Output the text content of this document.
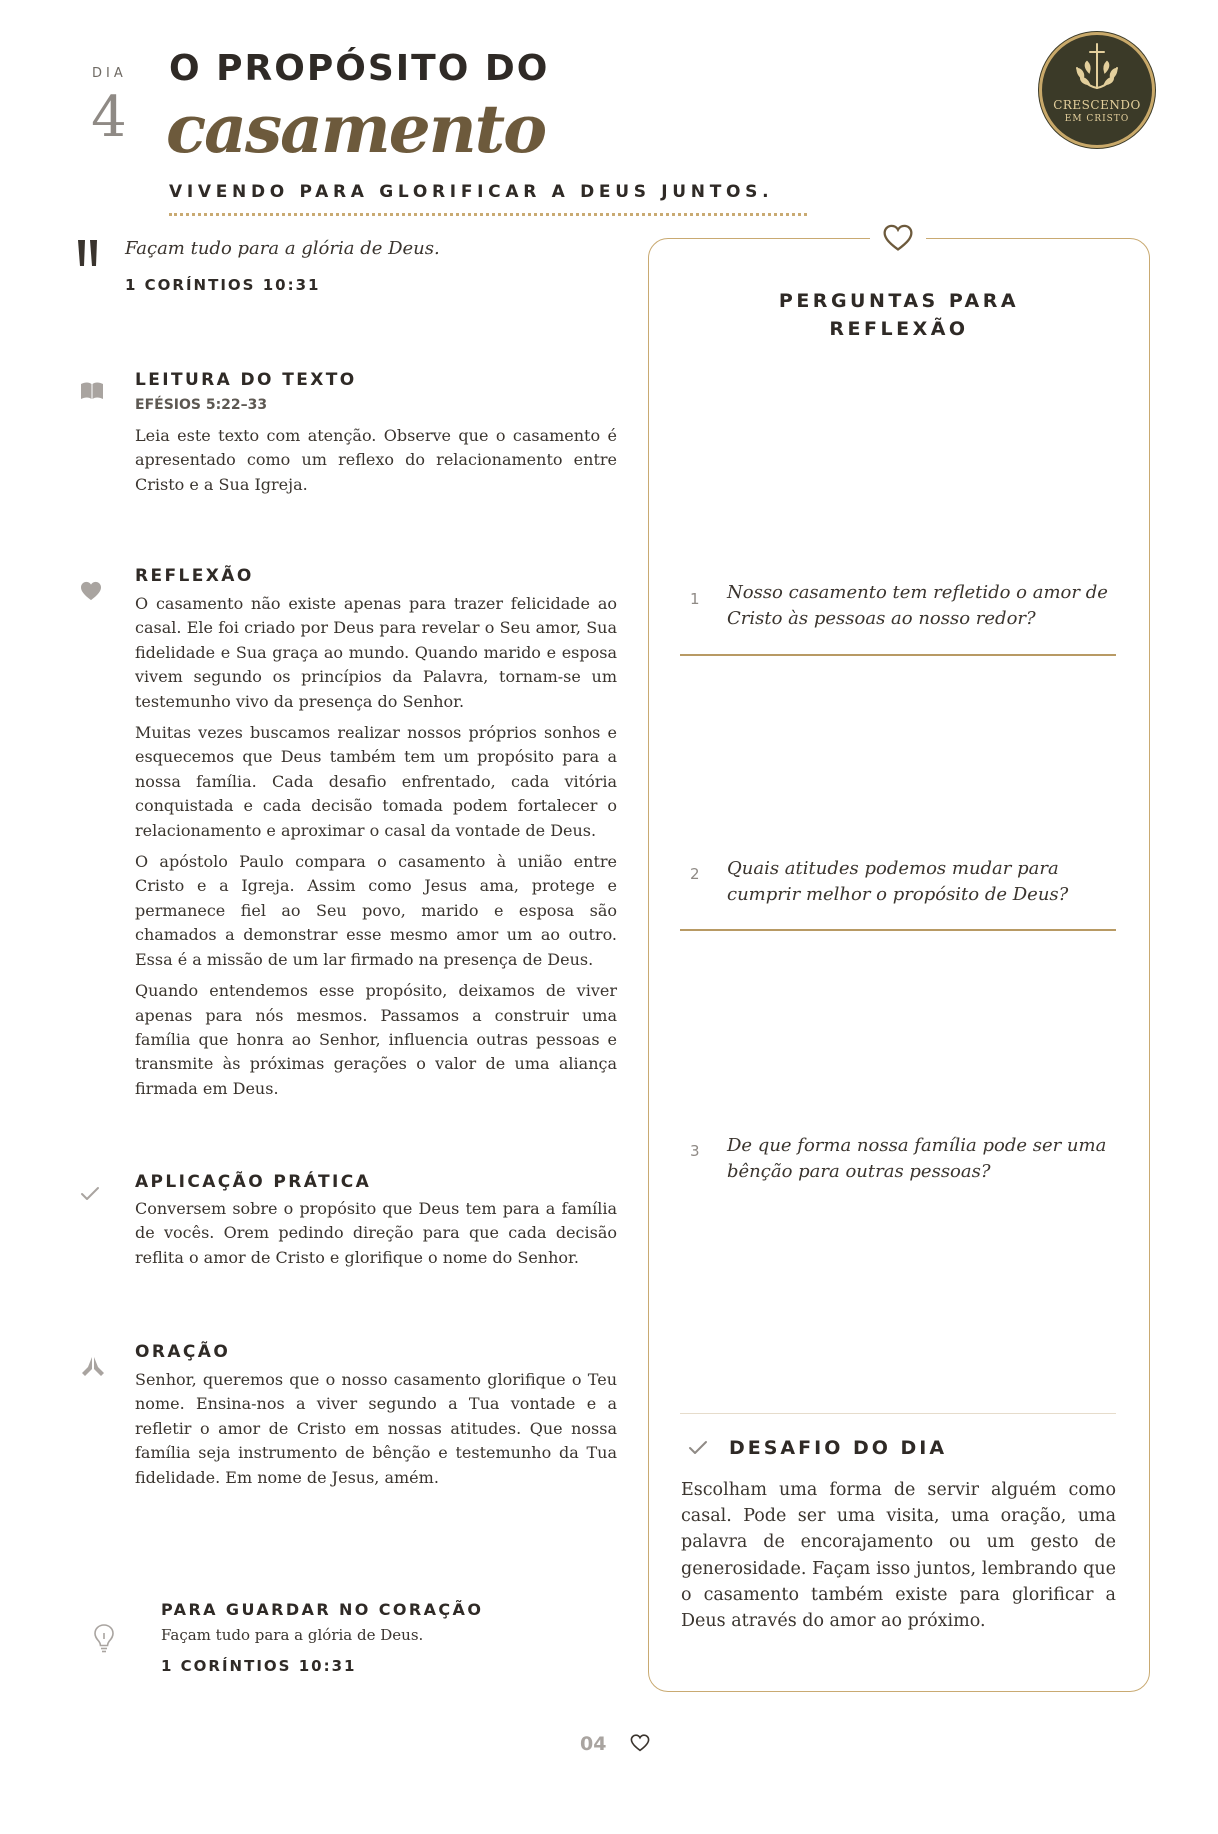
DIA
4
O PROPÓSITO DO
casamento
VIVENDO PARA GLORIFICAR A DEUS JUNTOS.
CRESCENDO
EM CRISTO
Façam tudo para a glória de Deus.
1 CORÍNTIOS 10:31
LEITURA DO TEXTO
EFÉSIOS 5:22–33

Leia este texto com atenção. Observe que o casamento é apresentado como um reflexo do relacionamento entre Cristo e a Sua Igreja.

REFLEXÃO

O casamento não existe apenas para trazer felicidade ao casal. Ele foi criado por Deus para revelar o Seu amor, Sua fidelidade e Sua graça ao mundo. Quando marido e esposa vivem segundo os princípios da Palavra, tornam-se um testemunho vivo da presença do Senhor.

Muitas vezes buscamos realizar nossos próprios sonhos e esquecemos que Deus também tem um propósito para a nossa família. Cada desafio enfrentado, cada vitória conquistada e cada decisão tomada podem fortalecer o relacionamento e aproximar o casal da vontade de Deus.

O apóstolo Paulo compara o casamento à união entre Cristo e a Igreja. Assim como Jesus ama, protege e permanece fiel ao Seu povo, marido e esposa são chamados a demonstrar esse mesmo amor um ao outro. Essa é a missão de um lar firmado na presença de Deus.

Quando entendemos esse propósito, deixamos de viver apenas para nós mesmos. Passamos a construir uma família que honra ao Senhor, influencia outras pessoas e transmite às próximas gerações o valor de uma aliança firmada em Deus.

APLICAÇÃO PRÁTICA

Conversem sobre o propósito que Deus tem para a família de vocês. Orem pedindo direção para que cada decisão reflita o amor de Cristo e glorifique o nome do Senhor.

ORAÇÃO

Senhor, queremos que o nosso casamento glorifique o Teu nome. Ensina-nos a viver segundo a Tua vontade e a refletir o amor de Cristo em nossas atitudes. Que nossa família seja instrumento de bênção e testemunho da Tua fidelidade. Em nome de Jesus, amém.

PARA GUARDAR NO CORAÇÃO
Façam tudo para a glória de Deus.
1 CORÍNTIOS 10:31
PERGUNTAS PARA
REFLEXÃO
1 Nosso casamento tem refletido o amor de Cristo às pessoas ao nosso redor?
2 Quais atitudes podemos mudar para cumprir melhor o propósito de Deus?
3 De que forma nossa família pode ser uma bênção para outras pessoas?
DESAFIO DO DIA

Escolham uma forma de servir alguém como casal. Pode ser uma visita, uma oração, uma palavra de encorajamento ou um gesto de generosidade. Façam isso juntos, lembrando que o casamento também existe para glorificar a Deus através do amor ao próximo.

04
